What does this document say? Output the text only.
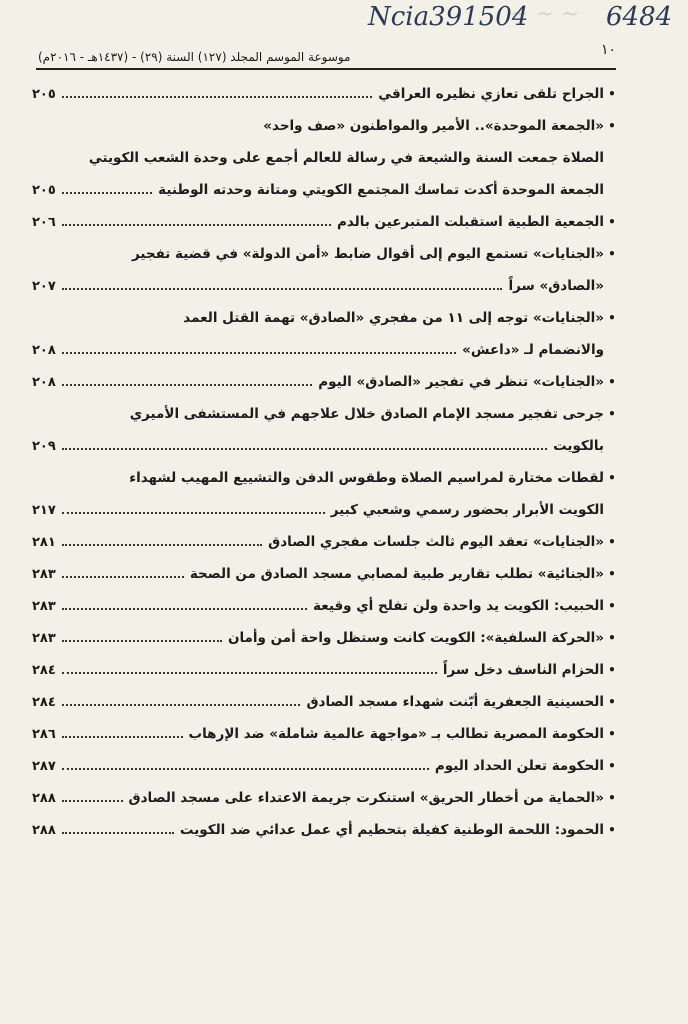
~ ~ ~
Ncia391504	6484
١٠
موسوعة الموسم المجلد (١٢٧) السنة (٢٩) - (١٤٣٧هـ - ٢٠١٦م)
•
الجراح تلقى تعازي نظيره العراقي
٢٠٥
•
«الجمعة الموحدة».. الأمير والمواطنون «صف واحد»
الصلاة جمعت السنة والشيعة في رسالة للعالم أجمع على وحدة الشعب الكويتي
الجمعة الموحدة أكدت تماسك المجتمع الكويتي ومتانة وحدته الوطنية
٢٠٥
•
الجمعية الطبية استقبلت المتبرعين بالدم
٢٠٦
•
«الجنايات» تستمع اليوم إلى أقوال ضابط «أمن الدولة» في قضية تفجير
«الصادق» سراً
٢٠٧
•
«الجنايات» توجه إلى ١١ من مفجري «الصادق» تهمة القتل العمد
والانضمام لـ «داعش»
٢٠٨
•
«الجنايات» تنظر في تفجير «الصادق» اليوم
٢٠٨
•
جرحى تفجير مسجد الإمام الصادق خلال علاجهم في المستشفى الأميري
بالكويت
٢٠٩
•
لقطات مختارة لمراسيم الصلاة وطقوس الدفن والتشييع المهيب لشهداء
الكويت الأبرار بحضور رسمي وشعبي كبير
٢١٧
•
«الجنايات» تعقد اليوم ثالث جلسات مفجري الصادق
٢٨١
•
«الجنائية» تطلب تقارير طبية لمصابي مسجد الصادق من الصحة
٢٨٣
•
الحبيب: الكويت يد واحدة ولن تفلح أي وقيعة
٢٨٣
•
«الحركة السلفية»: الكويت كانت وستظل واحة أمن وأمان
٢٨٣
•
الحزام الناسف دخل سراً
٢٨٤
•
الحسينية الجعفرية أبّنت شهداء مسجد الصادق
٢٨٤
•
الحكومة المصرية تطالب بـ «مواجهة عالمية شاملة» ضد الإرهاب
٢٨٦
•
الحكومة تعلن الحداد اليوم
٢٨٧
•
«الحماية من أخطار الحريق» استنكرت جريمة الاعتداء على مسجد الصادق
٢٨٨
•
الحمود: اللحمة الوطنية كفيلة بتحطيم أي عمل عدائي ضد الكويت
٢٨٨
